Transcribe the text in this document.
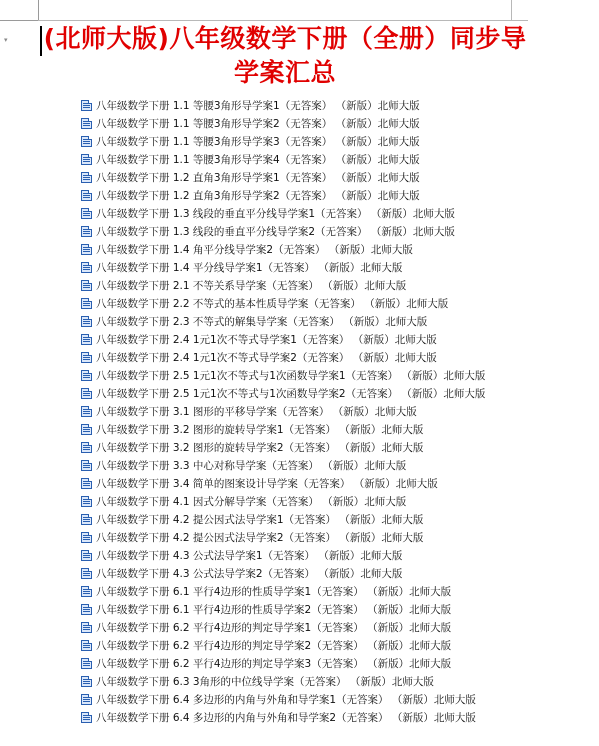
▾ (北师大版)八年级数学下册（全册）同步导学案汇总
八年级数学下册 1.1 等腰3角形导学案1（无答案） （新版）北师大版
八年级数学下册 1.1 等腰3角形导学案2（无答案） （新版）北师大版
八年级数学下册 1.1 等腰3角形导学案3（无答案） （新版）北师大版
八年级数学下册 1.1 等腰3角形导学案4（无答案） （新版）北师大版
八年级数学下册 1.2 直角3角形导学案1（无答案） （新版）北师大版
八年级数学下册 1.2 直角3角形导学案2（无答案） （新版）北师大版
八年级数学下册 1.3 线段的垂直平分线导学案1（无答案） （新版）北师大版
八年级数学下册 1.3 线段的垂直平分线导学案2（无答案） （新版）北师大版
八年级数学下册 1.4 角平分线导学案2（无答案） （新版）北师大版
八年级数学下册 1.4 平分线导学案1（无答案） （新版）北师大版
八年级数学下册 2.1 不等关系导学案（无答案） （新版）北师大版
八年级数学下册 2.2 不等式的基本性质导学案（无答案） （新版）北师大版
八年级数学下册 2.3 不等式的解集导学案（无答案） （新版）北师大版
八年级数学下册 2.4 1元1次不等式导学案1（无答案） （新版）北师大版
八年级数学下册 2.4 1元1次不等式导学案2（无答案） （新版）北师大版
八年级数学下册 2.5 1元1次不等式与1次函数导学案1（无答案） （新版）北师大版
八年级数学下册 2.5 1元1次不等式与1次函数导学案2（无答案） （新版）北师大版
八年级数学下册 3.1 图形的平移导学案（无答案） （新版）北师大版
八年级数学下册 3.2 图形的旋转导学案1（无答案） （新版）北师大版
八年级数学下册 3.2 图形的旋转导学案2（无答案） （新版）北师大版
八年级数学下册 3.3 中心对称导学案（无答案） （新版）北师大版
八年级数学下册 3.4 简单的图案设计导学案（无答案） （新版）北师大版
八年级数学下册 4.1 因式分解导学案（无答案） （新版）北师大版
八年级数学下册 4.2 提公因式法导学案1（无答案） （新版）北师大版
八年级数学下册 4.2 提公因式法导学案2（无答案） （新版）北师大版
八年级数学下册 4.3 公式法导学案1（无答案） （新版）北师大版
八年级数学下册 4.3 公式法导学案2（无答案） （新版）北师大版
八年级数学下册 6.1 平行4边形的性质导学案1（无答案） （新版）北师大版
八年级数学下册 6.1 平行4边形的性质导学案2（无答案） （新版）北师大版
八年级数学下册 6.2 平行4边形的判定导学案1（无答案） （新版）北师大版
八年级数学下册 6.2 平行4边形的判定导学案2（无答案） （新版）北师大版
八年级数学下册 6.2 平行4边形的判定导学案3（无答案） （新版）北师大版
八年级数学下册 6.3 3角形的中位线导学案（无答案） （新版）北师大版
八年级数学下册 6.4 多边形的内角与外角和导学案1（无答案） （新版）北师大版
八年级数学下册 6.4 多边形的内角与外角和导学案2（无答案） （新版）北师大版
